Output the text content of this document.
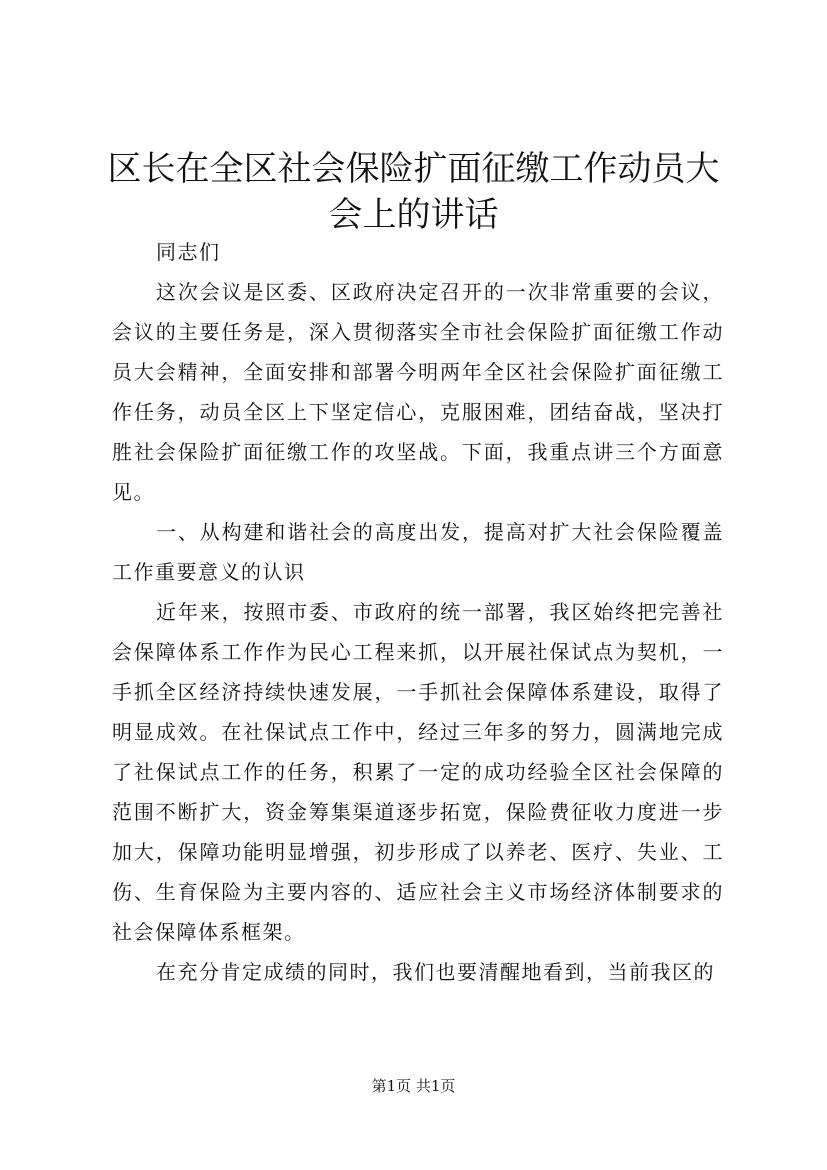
区长在全区社会保险扩面征缴工作动员大会上的讲话

同志们

这次会议是区委、区政府决定召开的一次非常重要的会议，会议的主要任务是，深入贯彻落实全市社会保险扩面征缴工作动员大会精神，全面安排和部署今明两年全区社会保险扩面征缴工作任务，动员全区上下坚定信心，克服困难，团结奋战，坚决打胜社会保险扩面征缴工作的攻坚战。下面，我重点讲三个方面意见。

一、从构建和谐社会的高度出发，提高对扩大社会保险覆盖工作重要意义的认识

近年来，按照市委、市政府的统一部署，我区始终把完善社会保障体系工作作为民心工程来抓，以开展社保试点为契机，一手抓全区经济持续快速发展，一手抓社会保障体系建设，取得了明显成效。在社保试点工作中，经过三年多的努力，圆满地完成了社保试点工作的任务，积累了一定的成功经验全区社会保障的范围不断扩大，资金筹集渠道逐步拓宽，保险费征收力度进一步加大，保障功能明显增强，初步形成了以养老、医疗、失业、工伤、生育保险为主要内容的、适应社会主义市场经济体制要求的社会保障体系框架。

在充分肯定成绩的同时，我们也要清醒地看到，当前我区的

第1页 共1页
